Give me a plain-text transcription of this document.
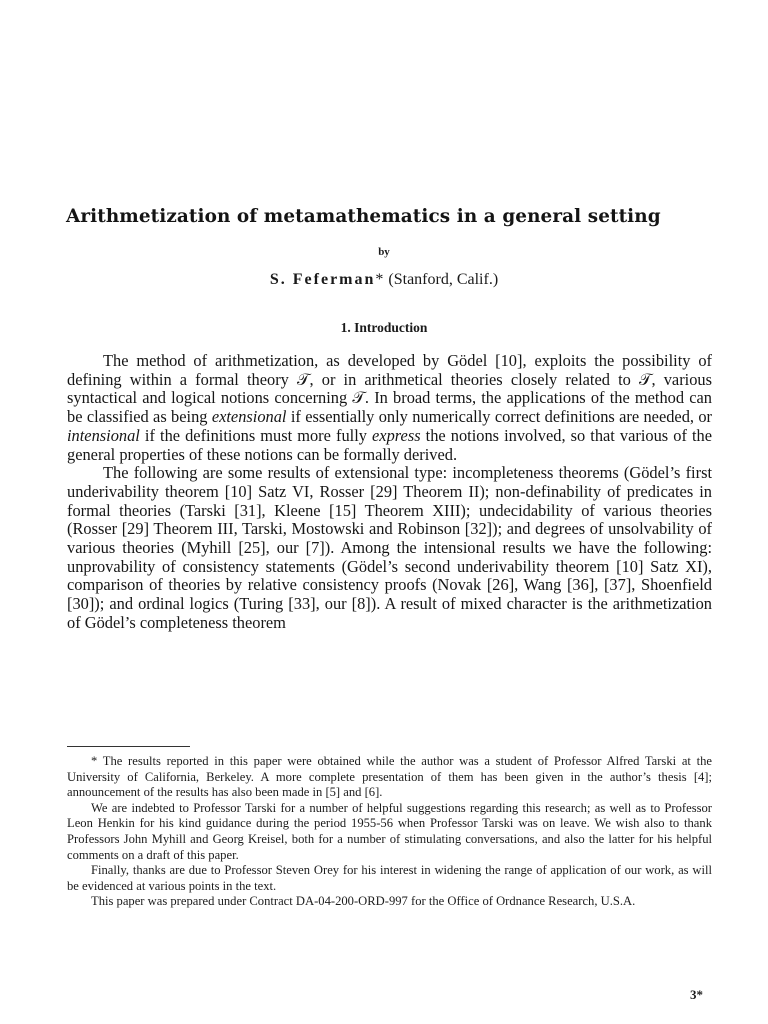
Arithmetization of metamathematics in a general setting
by
S. Feferman* (Stanford, Calif.)
1. Introduction

The method of arithmetization, as developed by Gödel [10], exploits the possibility of defining within a formal theory 𝒯, or in arithmetical theories closely related to 𝒯, various syntactical and logical notions concerning 𝒯. In broad terms, the applications of the method can be classified as being extensional if essentially only numerically correct definitions are needed, or intensional if the definitions must more fully express the notions involved, so that various of the general properties of these notions can be formally derived.

The following are some results of extensional type: incompleteness theorems (Gödel’s first underivability theorem [10] Satz VI, Rosser [29] Theorem II); non-definability of predicates in formal theories (Tarski [31], Kleene [15] Theorem XIII); undecidability of various theories (Rosser [29] Theorem III, Tarski, Mostowski and Robinson [32]); and degrees of unsolvability of various theories (Myhill [25], our [7]). Among the intensional results we have the following: unprovability of consistency statements (Gödel’s second underivability theorem [10] Satz XI), comparison of theories by relative consistency proofs (Novak [26], Wang [36], [37], Shoenfield [30]); and ordinal logics (Turing [33], our [8]). A result of mixed character is the arithmetization of Gödel’s completeness theorem

* The results reported in this paper were obtained while the author was a student of Professor Alfred Tarski at the University of California, Berkeley. A more complete presentation of them has been given in the author’s thesis [4]; announcement of the results has also been made in [5] and [6].

We are indebted to Professor Tarski for a number of helpful suggestions regarding this research; as well as to Professor Leon Henkin for his kind guidance during the period 1955-56 when Professor Tarski was on leave. We wish also to thank Professors John Myhill and Georg Kreisel, both for a number of stimulating conversations, and also the latter for his helpful comments on a draft of this paper.

Finally, thanks are due to Professor Steven Orey for his interest in widening the range of application of our work, as will be evidenced at various points in the text.

This paper was prepared under Contract DA-04-200-ORD-997 for the Office of Ordnance Research, U.S.A.

3*
